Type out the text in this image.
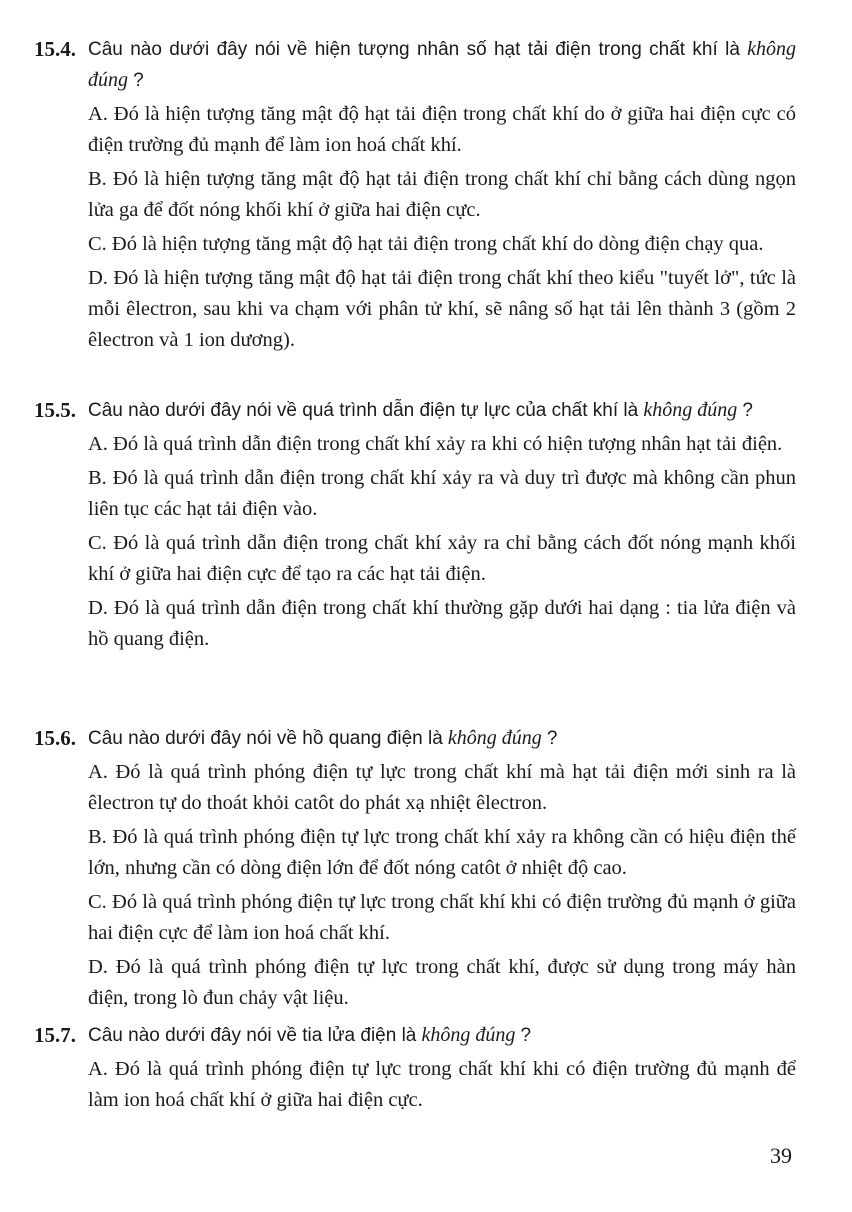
15.4. Câu nào dưới đây nói về hiện tượng nhân số hạt tải điện trong chất khí là không đúng ?
A. Đó là hiện tượng tăng mật độ hạt tải điện trong chất khí do ở giữa hai điện cực có điện trường đủ mạnh để làm ion hoá chất khí.
B. Đó là hiện tượng tăng mật độ hạt tải điện trong chất khí chỉ bằng cách dùng ngọn lửa ga để đốt nóng khối khí ở giữa hai điện cực.
C. Đó là hiện tượng tăng mật độ hạt tải điện trong chất khí do dòng điện chạy qua.
D. Đó là hiện tượng tăng mật độ hạt tải điện trong chất khí theo kiểu "tuyết lở", tức là mỗi êlectron, sau khi va chạm với phân tử khí, sẽ nâng số hạt tải lên thành 3 (gồm 2 êlectron và 1 ion dương).
15.5. Câu nào dưới đây nói về quá trình dẫn điện tự lực của chất khí là không đúng ?
A. Đó là quá trình dẫn điện trong chất khí xảy ra khi có hiện tượng nhân hạt tải điện.
B. Đó là quá trình dẫn điện trong chất khí xảy ra và duy trì được mà không cần phun liên tục các hạt tải điện vào.
C. Đó là quá trình dẫn điện trong chất khí xảy ra chỉ bằng cách đốt nóng mạnh khối khí ở giữa hai điện cực để tạo ra các hạt tải điện.
D. Đó là quá trình dẫn điện trong chất khí thường gặp dưới hai dạng : tia lửa điện và hồ quang điện.
15.6. Câu nào dưới đây nói về hồ quang điện là không đúng ?
A. Đó là quá trình phóng điện tự lực trong chất khí mà hạt tải điện mới sinh ra là êlectron tự do thoát khỏi catôt do phát xạ nhiệt êlectron.
B. Đó là quá trình phóng điện tự lực trong chất khí xảy ra không cần có hiệu điện thế lớn, nhưng cần có dòng điện lớn để đốt nóng catôt ở nhiệt độ cao.
C. Đó là quá trình phóng điện tự lực trong chất khí khi có điện trường đủ mạnh ở giữa hai điện cực để làm ion hoá chất khí.
D. Đó là quá trình phóng điện tự lực trong chất khí, được sử dụng trong máy hàn điện, trong lò đun chảy vật liệu.
15.7. Câu nào dưới đây nói về tia lửa điện là không đúng ?
A. Đó là quá trình phóng điện tự lực trong chất khí khi có điện trường đủ mạnh để làm ion hoá chất khí ở giữa hai điện cực.
39
